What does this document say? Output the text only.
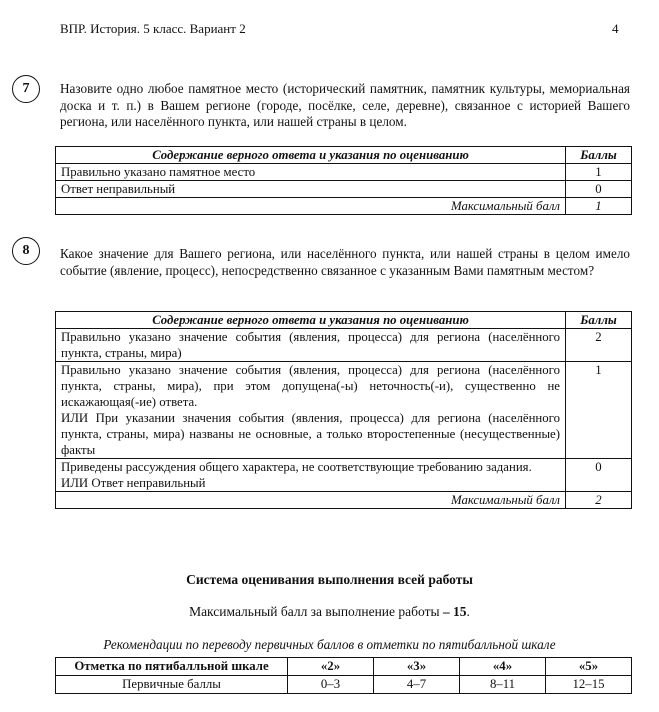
ВПР. История. 5 класс. Вариант 2	4
7	Назовите одно любое памятное место (исторический памятник, памятник культуры, мемориальная доска и т. п.) в Вашем регионе (городе, посёлке, селе, деревне), связанное с историей Вашего региона, или населённого пункта, или нашей страны в целом.
Содержание верного ответа и указания по оцениванию	Баллы
Правильно указано памятное место	1
Ответ неправильный	0
Максимальный балл	1
8	Какое значение для Вашего региона, или населённого пункта, или нашей страны в целом имело событие (явление, процесс), непосредственно связанное с указанным Вами памятным местом?
Содержание верного ответа и указания по оцениванию	Баллы
Правильно указано значение события (явления, процесса) для региона (населённого пункта, страны, мира)	2

Правильно указано значение события (явления, процесса) для региона (населённого пункта, страны, мира), при этом допущена(-ы) неточность(-и), существенно не искажающая(-ие) ответа.
ИЛИ При указании значения события (явления, процесса) для региона (населённого пункта, страны, мира) названы не основные, а только второстепенные (несущественные) факты	1

Приведены рассуждения общего характера, не соответствующие требованию задания.
ИЛИ Ответ неправильный	0
Максимальный балл	2
Система оценивания выполнения всей работы
Максимальный балл за выполнение работы – 15.
Рекомендации по переводу первичных баллов в отметки по пятибалльной шкале
Отметка по пятибалльной шкале	«2»	«3»	«4»	«5»
Первичные баллы	0–3	4–7	8–11	12–15
